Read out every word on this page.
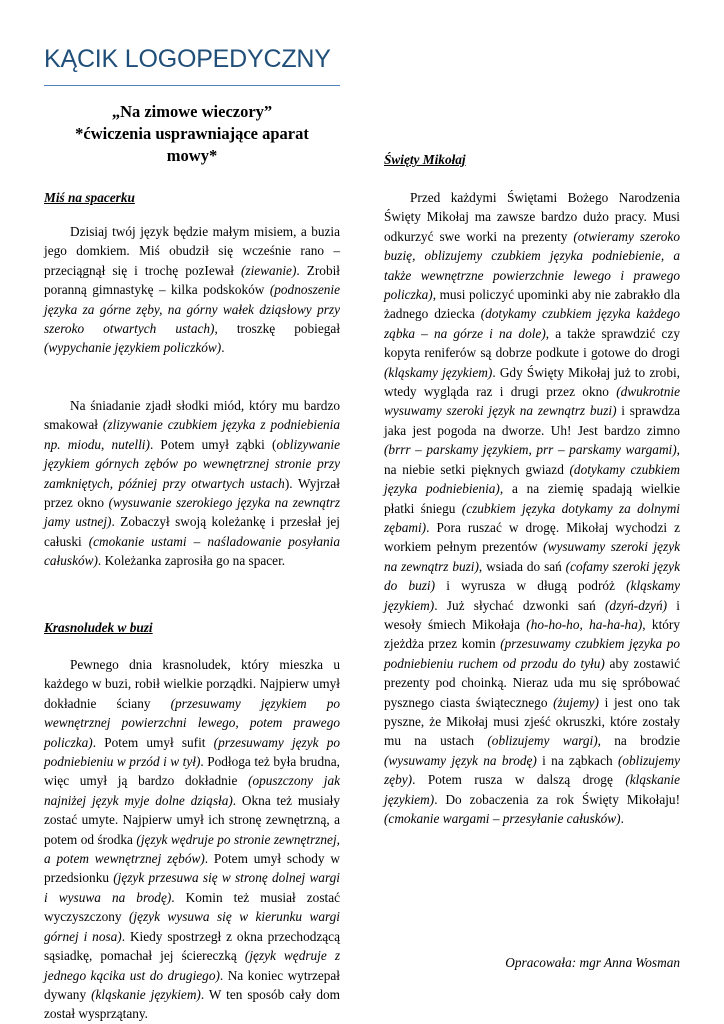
KĄCIK LOGOPEDYCZNY
„Na zimowe wieczory”
*ćwiczenia usprawniające aparat
mowy*
Miś na spacerku
Dzisiaj twój język będzie małym misiem, a buzia jego domkiem. Miś obudził się wcześnie rano – przeciągnął się i trochę pozIewał (ziewanie). Zrobił poranną gimnastykę – kilka podskoków (podnoszenie języka za górne zęby, na górny wałek dziąsłowy przy szeroko otwartych ustach), troszkę pobiegał (wypychanie językiem policzków).
Na śniadanie zjadł słodki miód, który mu bardzo smakował (zlizywanie czubkiem języka z podniebienia np. miodu, nutelli). Potem umył ząbki (oblizywanie językiem górnych zębów po wewnętrznej stronie przy zamkniętych, później przy otwartych ustach). Wyjrzał przez okno (wysuwanie szerokiego języka na zewnątrz jamy ustnej). Zobaczył swoją koleżankę i przesłał jej całuski (cmokanie ustami – naśladowanie posyłania całusków). Koleżanka zaprosiła go na spacer.
Krasnoludek w buzi
Pewnego dnia krasnoludek, który mieszka u każdego w buzi, robił wielkie porządki. Najpierw umył dokładnie ściany (przesuwamy językiem po wewnętrznej powierzchni lewego, potem prawego policzka). Potem umył sufit (przesuwamy język po podniebieniu w przód i w tył). Podłoga też była brudna, więc umył ją bardzo dokładnie (opuszczony jak najniżej język myje dolne dziąsła). Okna też musiały zostać umyte. Najpierw umył ich stronę zewnętrzną, a potem od środka (język wędruje po stronie zewnętrznej, a potem wewnętrznej zębów). Potem umył schody w przedsionku (język przesuwa się w stronę dolnej wargi i wysuwa na brodę). Komin też musiał zostać wyczyszczony (język wysuwa się w kierunku wargi górnej i nosa). Kiedy spostrzegł z okna przechodzącą sąsiadkę, pomachał jej ściereczką (język wędruje z jednego kącika ust do drugiego). Na koniec wytrzepał dywany (kląskanie językiem). W ten sposób cały dom został wysprzątany.
Święty Mikołaj
Przed każdymi Świętami Bożego Narodzenia Święty Mikołaj ma zawsze bardzo dużo pracy. Musi odkurzyć swe worki na prezenty (otwieramy szeroko buzię, oblizujemy czubkiem języka podniebienie, a także wewnętrzne powierzchnie lewego i prawego policzka), musi policzyć upominki aby nie zabrakło dla żadnego dziecka (dotykamy czubkiem języka każdego ząbka – na górze i na dole), a także sprawdzić czy kopyta reniferów są dobrze podkute i gotowe do drogi (kląskamy językiem). Gdy Święty Mikołaj już to zrobi, wtedy wygląda raz i drugi przez okno (dwukrotnie wysuwamy szeroki język na zewnątrz buzi) i sprawdza jaka jest pogoda na dworze. Uh! Jest bardzo zimno (brrr – parskamy językiem, prr – parskamy wargami), na niebie setki pięknych gwiazd (dotykamy czubkiem języka podniebienia), a na ziemię spadają wielkie płatki śniegu (czubkiem języka dotykamy za dolnymi zębami). Pora ruszać w drogę. Mikołaj wychodzi z workiem pełnym prezentów (wysuwamy szeroki język na zewnątrz buzi), wsiada do sań (cofamy szeroki język do buzi) i wyrusza w długą podróż (kląskamy językiem). Już słychać dzwonki sań (dzyń-dzyń) i wesoły śmiech Mikołaja (ho-ho-ho, ha-ha-ha), który zjeżdża przez komin (przesuwamy czubkiem języka po podniebieniu ruchem od przodu do tyłu) aby zostawić prezenty pod choinką. Nieraz uda mu się spróbować pysznego ciasta świątecznego (żujemy) i jest ono tak pyszne, że Mikołaj musi zjeść okruszki, które zostały mu na ustach (oblizujemy wargi), na brodzie (wysuwamy język na brodę) i na ząbkach (oblizujemy zęby). Potem rusza w dalszą drogę (kląskanie językiem). Do zobaczenia za rok Święty Mikołaju! (cmokanie wargami – przesyłanie całusków).
Opracowała: mgr Anna Wosman
